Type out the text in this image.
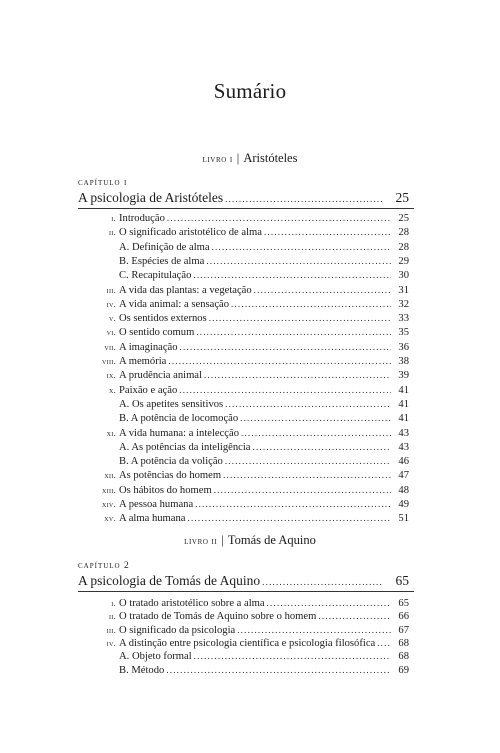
Sumário
livro i | Aristóteles
capítulo i
A psicologia de Aristóteles .....	25
i. Introdução .....	25
ii. O significado aristotélico de alma .....	28
A. Definição de alma .....	28
B. Espécies de alma .....	29
C. Recapitulação .....	30
iii. A vida das plantas: a vegetação .....	31
iv. A vida animal: a sensação .....	32
v. Os sentidos externos .....	33
vi. O sentido comum .....	35
vii. A imaginação .....	36
viii. A memória .....	38
ix. A prudência animal .....	39
x. Paixão e ação .....	41
A. Os apetites sensitivos .....	41
B. A potência de locomoção .....	41
xi. A vida humana: a intelecção .....	43
A. As potências da inteligência .....	43
B. A potência da volição .....	46
xii. As potências do homem .....	47
xiii. Os hábitos do homem .....	48
xiv. A pessoa humana .....	49
xv. A alma humana .....	51
livro ii | Tomás de Aquino
capítulo 2
A psicologia de Tomás de Aquino .....	65
i. O tratado aristotélico sobre a alma .....	65
ii. O tratado de Tomás de Aquino sobre o homem .....	66
iii. O significado da psicologia .....	67
iv. A distinção entre psicologia científica e psicologia filosófica .....	68
A. Objeto formal .....	68
B. Método .....	69
